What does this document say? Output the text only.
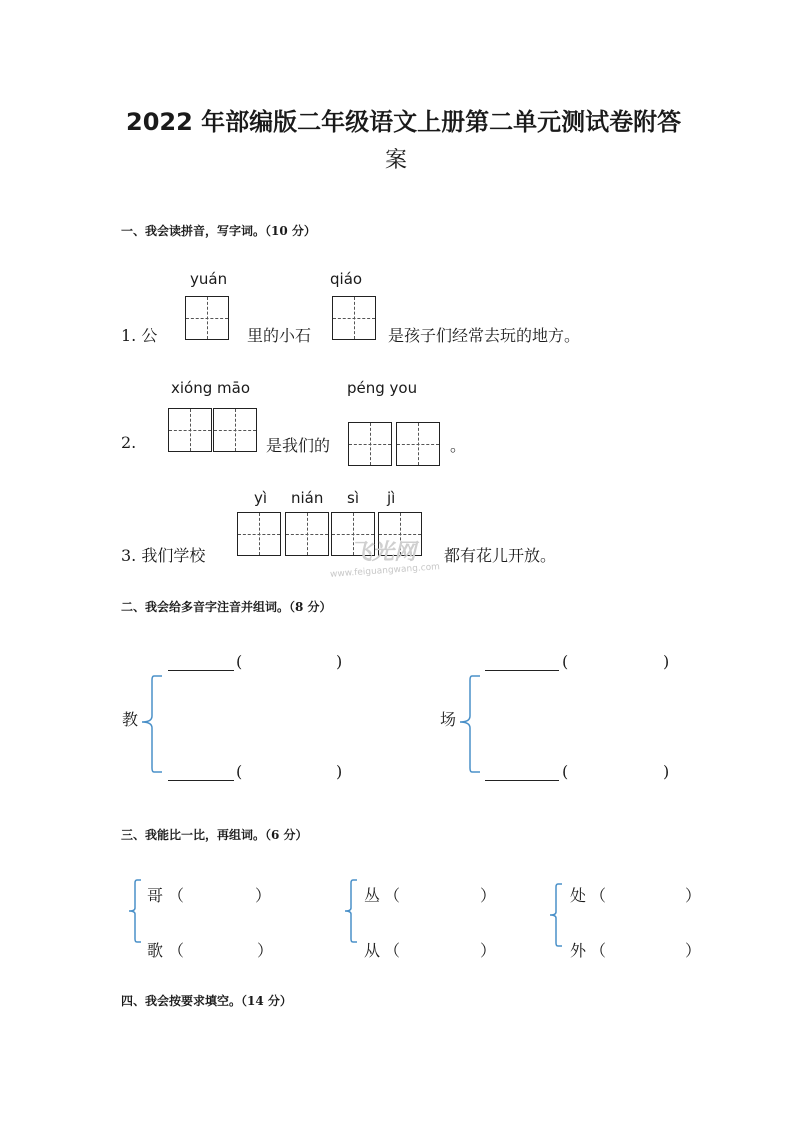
2022 年部编版二年级语文上册第二单元测试卷附答
案
一、我会读拼音，写字词。（10 分）
yuán	qiáo
1. 公	里的小石	是孩子们经常去玩的地方。
xióng māo	péng you
2.	是我们的	。
yì nián sì jì
3. 我们学校	都有花儿开放。
飞光网
www.feiguangwang.com
二、我会给多音字注音并组词。（8 分）
(	)
教
(	)
(	)
场
(	)
三、我能比一比，再组词。（6 分）
哥 （	）
歌 （	）
丛 （	）
从 （	）
处 （	）
外 （	）
四、我会按要求填空。（14 分）
